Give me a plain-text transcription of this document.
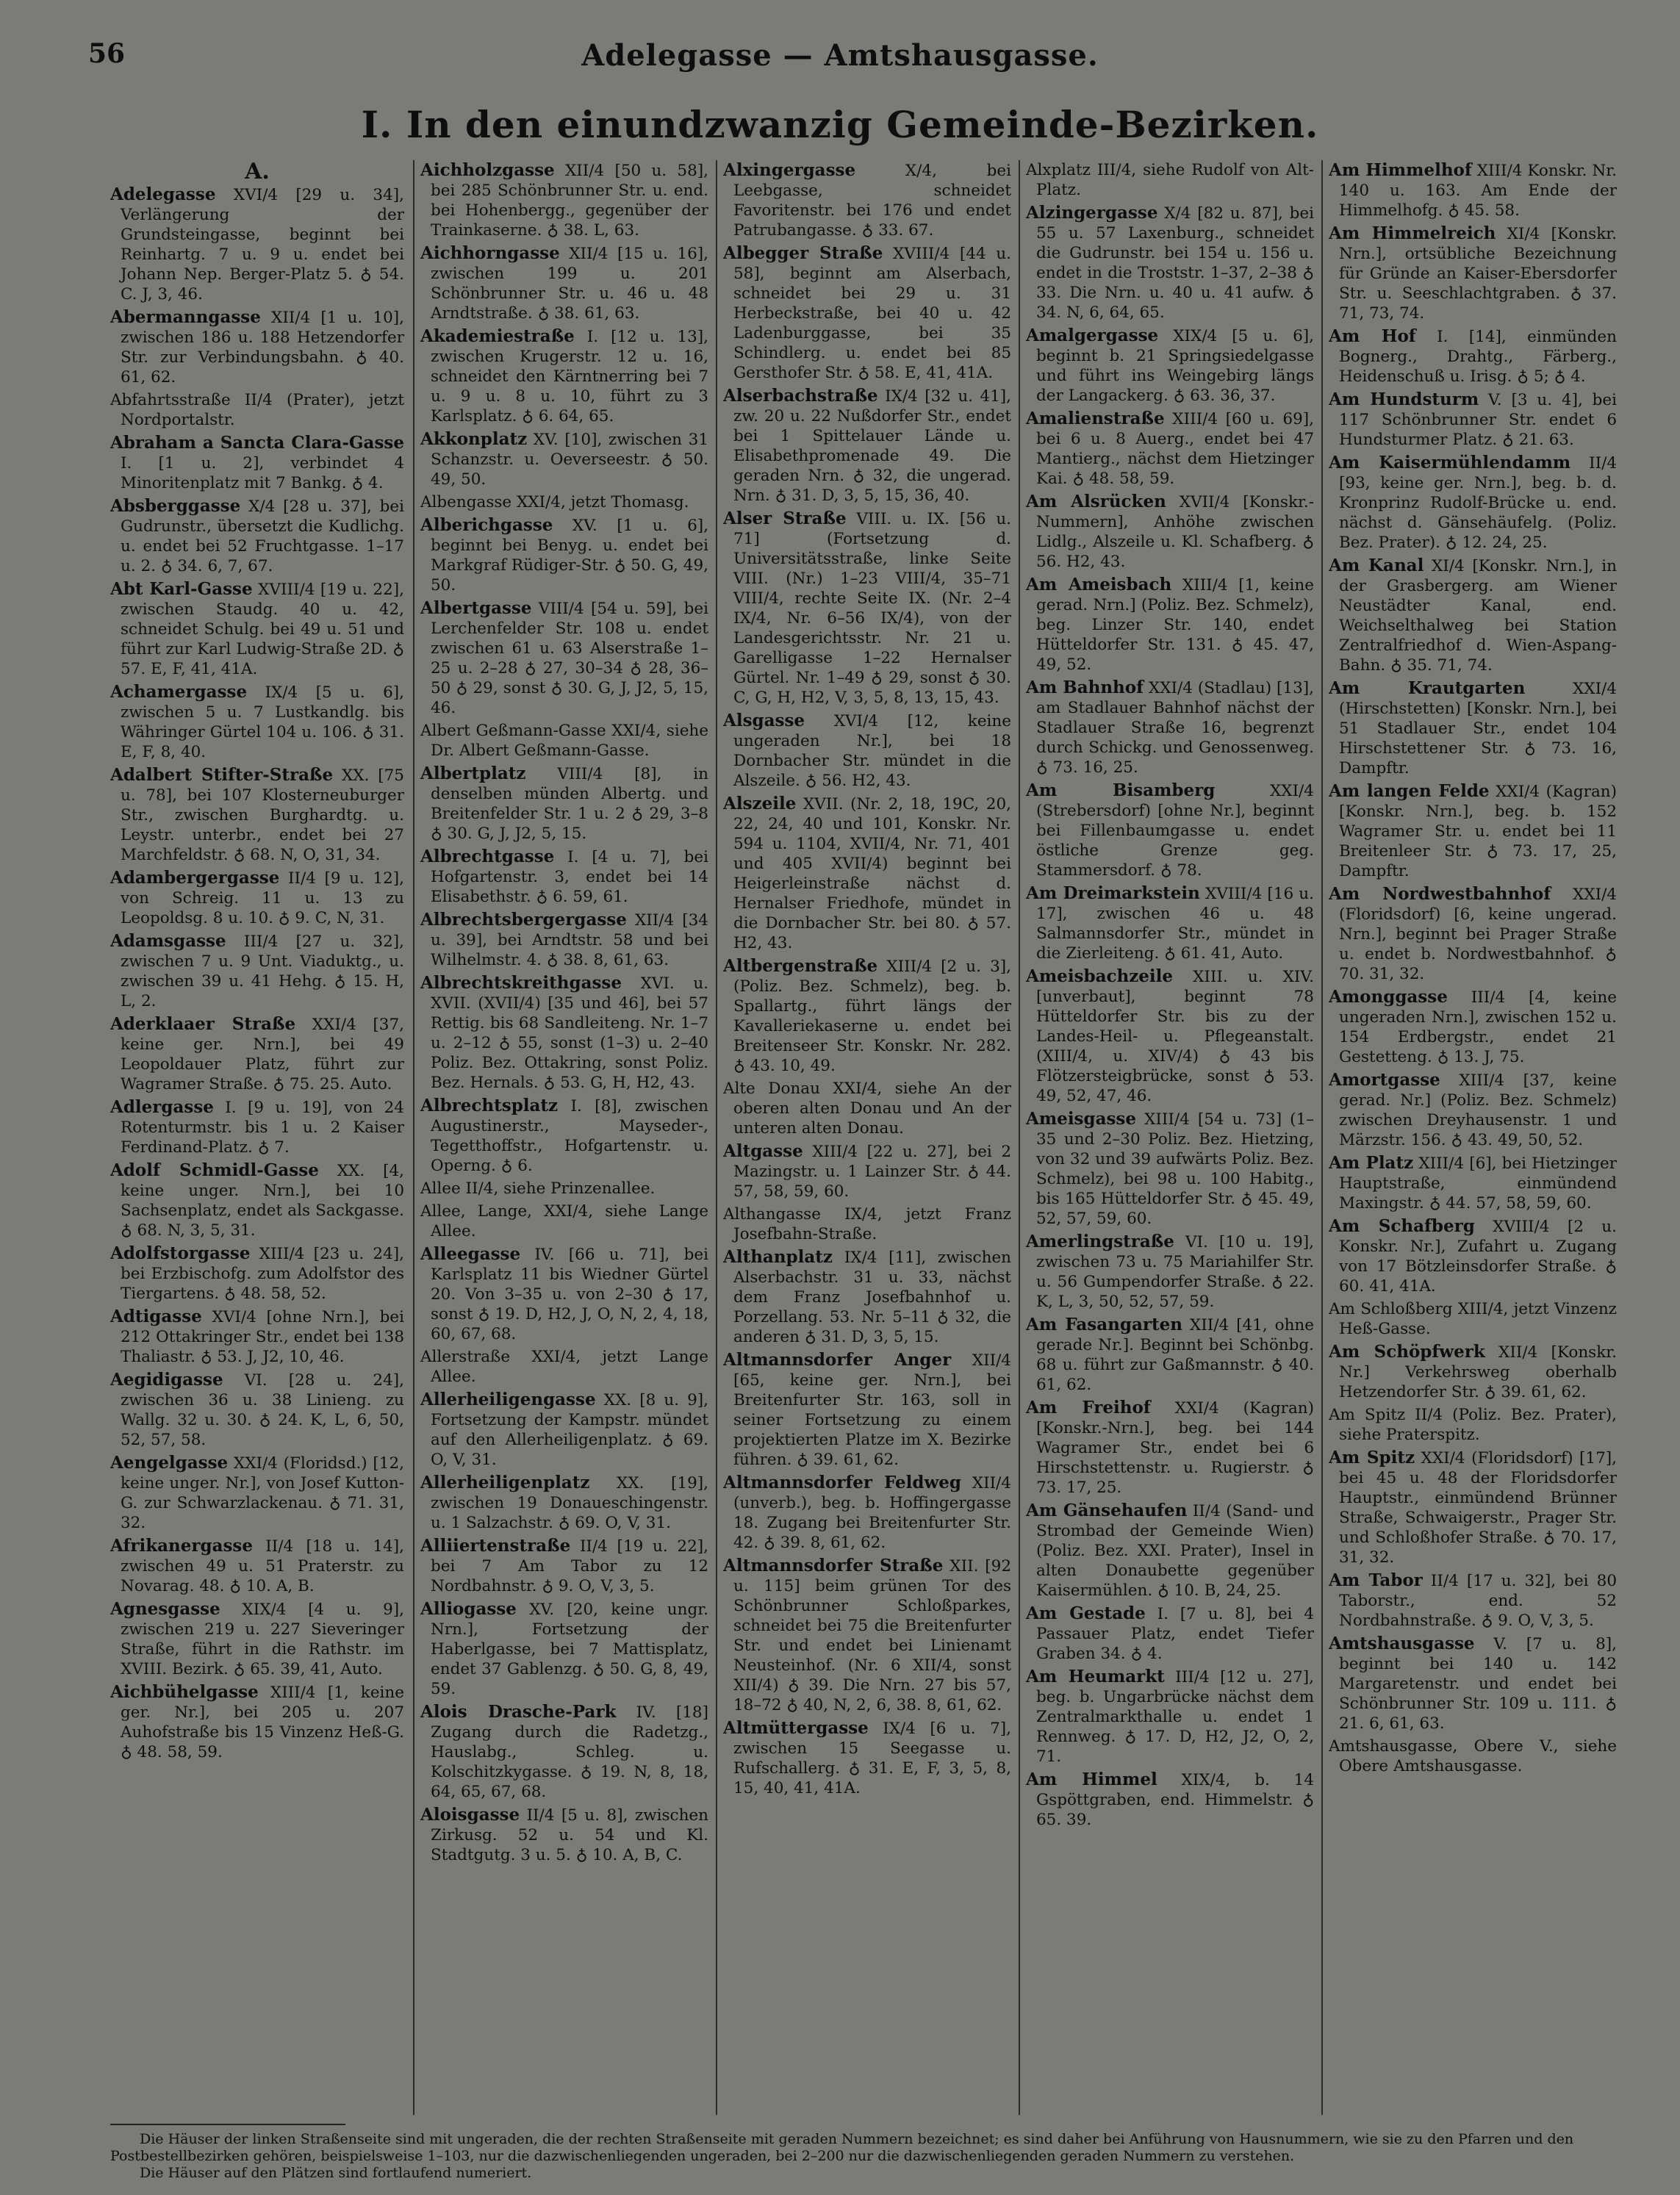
56	Adelegasse — Amtshausgasse.
I. In den einundzwanzig Gemeinde-Bezirken.
A.

Adelegasse XVI/4 [29 u. 34], Verlängerung der Grundsteingasse, beginnt bei Reinhartg. 7 u. 9 u. endet bei Johann Nep. Berger-Platz 5. ♁ 54. C. J, 3, 46.

Abermanngasse XII/4 [1 u. 10], zwischen 186 u. 188 Hetzendorfer Str. zur Verbindungsbahn. ♁ 40. 61, 62.

Abfahrtsstraße II/4 (Prater), jetzt Nordportalstr.

Abraham a Sancta Clara-Gasse I. [1 u. 2], verbindet 4 Minoritenplatz mit 7 Bankg. ♁ 4.

Absberggasse X/4 [28 u. 37], bei Gudrunstr., übersetzt die Kudlichg. u. endet bei 52 Fruchtgasse. 1–17 u. 2. ♁ 34. 6, 7, 67.

Abt Karl-Gasse XVIII/4 [19 u. 22], zwischen Staudg. 40 u. 42, schneidet Schulg. bei 49 u. 51 und führt zur Karl Ludwig-Straße 2D. ♁ 57. E, F, 41, 41A.

Achamergasse IX/4 [5 u. 6], zwischen 5 u. 7 Lustkandlg. bis Währinger Gürtel 104 u. 106. ♁ 31. E, F, 8, 40.

Adalbert Stifter-Straße XX. [75 u. 78], bei 107 Klosterneuburger Str., zwischen Burghardtg. u. Leystr. unterbr., endet bei 27 Marchfeldstr. ♁ 68. N, O, 31, 34.

Adambergergasse II/4 [9 u. 12], von Schreig. 11 u. 13 zu Leopoldsg. 8 u. 10. ♁ 9. C, N, 31.

Adamsgasse III/4 [27 u. 32], zwischen 7 u. 9 Unt. Viaduktg., u. zwischen 39 u. 41 Hehg. ♁ 15. H, L, 2.

Aderklaaer Straße XXI/4 [37, keine ger. Nrn.], bei 49 Leopoldauer Platz, führt zur Wagramer Straße. ♁ 75. 25. Auto.

Adlergasse I. [9 u. 19], von 24 Rotenturmstr. bis 1 u. 2 Kaiser Ferdinand-Platz. ♁ 7.

Adolf Schmidl-Gasse XX. [4, keine unger. Nrn.], bei 10 Sachsenplatz, endet als Sackgasse. ♁ 68. N, 3, 5, 31.

Adolfstorgasse XIII/4 [23 u. 24], bei Erzbischofg. zum Adolfstor des Tiergartens. ♁ 48. 58, 52.

Adtigasse XVI/4 [ohne Nrn.], bei 212 Ottakringer Str., endet bei 138 Thaliastr. ♁ 53. J, J2, 10, 46.

Aegidigasse VI. [28 u. 24], zwischen 36 u. 38 Linieng. zu Wallg. 32 u. 30. ♁ 24. K, L, 6, 50, 52, 57, 58.

Aengelgasse XXI/4 (Floridsd.) [12, keine unger. Nr.], von Josef Kutton-G. zur Schwarzlackenau. ♁ 71. 31, 32.

Afrikanergasse II/4 [18 u. 14], zwischen 49 u. 51 Praterstr. zu Novarag. 48. ♁ 10. A, B.

Agnesgasse XIX/4 [4 u. 9], zwischen 219 u. 227 Sieveringer Straße, führt in die Rathstr. im XVIII. Bezirk. ♁ 65. 39, 41, Auto.

Aichbühelgasse XIII/4 [1, keine ger. Nr.], bei 205 u. 207 Auhofstraße bis 15 Vinzenz Heß-G. ♁ 48. 58, 59.

Aichholzgasse XII/4 [50 u. 58], bei 285 Schönbrunner Str. u. end. bei Hohenbergg., gegenüber der Trainkaserne. ♁ 38. L, 63.

Aichhorngasse XII/4 [15 u. 16], zwischen 199 u. 201 Schönbrunner Str. u. 46 u. 48 Arndtstraße. ♁ 38. 61, 63.

Akademiestraße I. [12 u. 13], zwischen Krugerstr. 12 u. 16, schneidet den Kärntnerring bei 7 u. 9 u. 8 u. 10, führt zu 3 Karlsplatz. ♁ 6. 64, 65.

Akkonplatz XV. [10], zwischen 31 Schanzstr. u. Oeverseestr. ♁ 50. 49, 50.

Albengasse XXI/4, jetzt Thomasg.

Alberichgasse XV. [1 u. 6], beginnt bei Benyg. u. endet bei Markgraf Rüdiger-Str. ♁ 50. G, 49, 50.

Albertgasse VIII/4 [54 u. 59], bei Lerchenfelder Str. 108 u. endet zwischen 61 u. 63 Alserstraße 1–25 u. 2–28 ♁ 27, 30–34 ♁ 28, 36–50 ♁ 29, sonst ♁ 30. G, J, J2, 5, 15, 46.

Albert Geßmann-Gasse XXI/4, siehe Dr. Albert Geßmann-Gasse.

Albertplatz VIII/4 [8], in denselben münden Albertg. und Breitenfelder Str. 1 u. 2 ♁ 29, 3–8 ♁ 30. G, J, J2, 5, 15.

Albrechtgasse I. [4 u. 7], bei Hofgartenstr. 3, endet bei 14 Elisabethstr. ♁ 6. 59, 61.

Albrechtsbergergasse XII/4 [34 u. 39], bei Arndtstr. 58 und bei Wilhelmstr. 4. ♁ 38. 8, 61, 63.

Albrechtskreithgasse XVI. u. XVII. (XVII/4) [35 und 46], bei 57 Rettig. bis 68 Sandleiteng. Nr. 1–7 u. 2–12 ♁ 55, sonst (1–3) u. 2–40 Poliz. Bez. Ottakring, sonst Poliz. Bez. Hernals. ♁ 53. G, H, H2, 43.

Albrechtsplatz I. [8], zwischen Augustinerstr., Mayseder-, Tegetthoffstr., Hofgartenstr. u. Operng. ♁ 6.

Allee II/4, siehe Prinzenallee.

Allee, Lange, XXI/4, siehe Lange Allee.

Alleegasse IV. [66 u. 71], bei Karlsplatz 11 bis Wiedner Gürtel 20. Von 3–35 u. von 2–30 ♁ 17, sonst ♁ 19. D, H2, J, O, N, 2, 4, 18, 60, 67, 68.

Allerstraße XXI/4, jetzt Lange Allee.

Allerheiligengasse XX. [8 u. 9], Fortsetzung der Kampstr. mündet auf den Allerheiligenplatz. ♁ 69. O, V, 31.

Allerheiligenplatz XX. [19], zwischen 19 Donaueschingenstr. u. 1 Salzachstr. ♁ 69. O, V, 31.

Alliiertenstraße II/4 [19 u. 22], bei 7 Am Tabor zu 12 Nordbahnstr. ♁ 9. O, V, 3, 5.

Alliogasse XV. [20, keine ungr. Nrn.], Fortsetzung der Haberlgasse, bei 7 Mattisplatz, endet 37 Gablenzg. ♁ 50. G, 8, 49, 59.

Alois Drasche-Park IV. [18] Zugang durch die Radetzg., Hauslabg., Schleg. u. Kolschitzkygasse. ♁ 19. N, 8, 18, 64, 65, 67, 68.

Aloisgasse II/4 [5 u. 8], zwischen Zirkusg. 52 u. 54 und Kl. Stadtgutg. 3 u. 5. ♁ 10. A, B, C.

Alxingergasse X/4, bei Leebgasse, schneidet Favoritenstr. bei 176 und endet Patrubangasse. ♁ 33. 67.

Albegger Straße XVIII/4 [44 u. 58], beginnt am Alserbach, schneidet bei 29 u. 31 Herbeckstraße, bei 40 u. 42 Ladenburggasse, bei 35 Schindlerg. u. endet bei 85 Gersthofer Str. ♁ 58. E, 41, 41A.

Alserbachstraße IX/4 [32 u. 41], zw. 20 u. 22 Nußdorfer Str., endet bei 1 Spittelauer Lände u. Elisabethpromenade 49. Die geraden Nrn. ♁ 32, die ungerad. Nrn. ♁ 31. D, 3, 5, 15, 36, 40.

Alser Straße VIII. u. IX. [56 u. 71] (Fortsetzung d. Universitätsstraße, linke Seite VIII. (Nr.) 1–23 VIII/4, 35–71 VIII/4, rechte Seite IX. (Nr. 2–4 IX/4, Nr. 6–56 IX/4), von der Landesgerichtsstr. Nr. 21 u. Garelligasse 1–22 Hernalser Gürtel. Nr. 1–49 ♁ 29, sonst ♁ 30. C, G, H, H2, V, 3, 5, 8, 13, 15, 43.

Alsgasse XVI/4 [12, keine ungeraden Nr.], bei 18 Dornbacher Str. mündet in die Alszeile. ♁ 56. H2, 43.

Alszeile XVII. (Nr. 2, 18, 19C, 20, 22, 24, 40 und 101, Konskr. Nr. 594 u. 1104, XVII/4, Nr. 71, 401 und 405 XVII/4) beginnt bei Heigerleinstraße nächst d. Hernalser Friedhofe, mündet in die Dornbacher Str. bei 80. ♁ 57. H2, 43.

Altbergenstraße XIII/4 [2 u. 3], (Poliz. Bez. Schmelz), beg. b. Spallartg., führt längs der Kavalleriekaserne u. endet bei Breitenseer Str. Konskr. Nr. 282. ♁ 43. 10, 49.

Alte Donau XXI/4, siehe An der oberen alten Donau und An der unteren alten Donau.

Altgasse XIII/4 [22 u. 27], bei 2 Mazingstr. u. 1 Lainzer Str. ♁ 44. 57, 58, 59, 60.

Althangasse IX/4, jetzt Franz Josefbahn-Straße.

Althanplatz IX/4 [11], zwischen Alserbachstr. 31 u. 33, nächst dem Franz Josefbahnhof u. Porzellang. 53. Nr. 5–11 ♁ 32, die anderen ♁ 31. D, 3, 5, 15.

Altmannsdorfer Anger XII/4 [65, keine ger. Nrn.], bei Breitenfurter Str. 163, soll in seiner Fortsetzung zu einem projektierten Platze im X. Bezirke führen. ♁ 39. 61, 62.

Altmannsdorfer Feldweg XII/4 (unverb.), beg. b. Hoffingergasse 18. Zugang bei Breitenfurter Str. 42. ♁ 39. 8, 61, 62.

Altmannsdorfer Straße XII. [92 u. 115] beim grünen Tor des Schönbrunner Schloßparkes, schneidet bei 75 die Breitenfurter Str. und endet bei Linienamt Neusteinhof. (Nr. 6 XII/4, sonst XII/4) ♁ 39. Die Nrn. 27 bis 57, 18–72 ♁ 40, N, 2, 6, 38. 8, 61, 62.

Altmüttergasse IX/4 [6 u. 7], zwischen 15 Seegasse u. Rufschallerg. ♁ 31. E, F, 3, 5, 8, 15, 40, 41, 41A.

Alxplatz III/4, siehe Rudolf von Alt-Platz.

Alzingergasse X/4 [82 u. 87], bei 55 u. 57 Laxenburg., schneidet die Gudrunstr. bei 154 u. 156 u. endet in die Troststr. 1–37, 2–38 ♁ 33. Die Nrn. u. 40 u. 41 aufw. ♁ 34. N, 6, 64, 65.

Amalgergasse XIX/4 [5 u. 6], beginnt b. 21 Springsiedelgasse und führt ins Weingebirg längs der Langackerg. ♁ 63. 36, 37.

Amalienstraße XIII/4 [60 u. 69], bei 6 u. 8 Auerg., endet bei 47 Mantierg., nächst dem Hietzinger Kai. ♁ 48. 58, 59.

Am Alsrücken XVII/4 [Konskr.-Nummern], Anhöhe zwischen Lidlg., Alszeile u. Kl. Schafberg. ♁ 56. H2, 43.

Am Ameisbach XIII/4 [1, keine gerad. Nrn.] (Poliz. Bez. Schmelz), beg. Linzer Str. 140, endet Hütteldorfer Str. 131. ♁ 45. 47, 49, 52.

Am Bahnhof XXI/4 (Stadlau) [13], am Stadlauer Bahnhof nächst der Stadlauer Straße 16, begrenzt durch Schickg. und Genossenweg. ♁ 73. 16, 25.

Am Bisamberg XXI/4 (Strebersdorf) [ohne Nr.], beginnt bei Fillenbaumgasse u. endet östliche Grenze geg. Stammersdorf. ♁ 78.

Am Dreimarkstein XVIII/4 [16 u. 17], zwischen 46 u. 48 Salmannsdorfer Str., mündet in die Zierleiteng. ♁ 61. 41, Auto.

Ameisbachzeile XIII. u. XIV. [unverbaut], beginnt 78 Hütteldorfer Str. bis zu der Landes-Heil- u. Pflegeanstalt. (XIII/4, u. XIV/4) ♁ 43 bis Flötzersteigbrücke, sonst ♁ 53. 49, 52, 47, 46.

Ameisgasse XIII/4 [54 u. 73] (1–35 und 2–30 Poliz. Bez. Hietzing, von 32 und 39 aufwärts Poliz. Bez. Schmelz), bei 98 u. 100 Habitg., bis 165 Hütteldorfer Str. ♁ 45. 49, 52, 57, 59, 60.

Amerlingstraße VI. [10 u. 19], zwischen 73 u. 75 Mariahilfer Str. u. 56 Gumpendorfer Straße. ♁ 22. K, L, 3, 50, 52, 57, 59.

Am Fasangarten XII/4 [41, ohne gerade Nr.]. Beginnt bei Schönbg. 68 u. führt zur Gaßmannstr. ♁ 40. 61, 62.

Am Freihof XXI/4 (Kagran) [Konskr.-Nrn.], beg. bei 144 Wagramer Str., endet bei 6 Hirschstettenstr. u. Rugierstr. ♁ 73. 17, 25.

Am Gänsehaufen II/4 (Sand- und Strombad der Gemeinde Wien) (Poliz. Bez. XXI. Prater), Insel in alten Donaubette gegenüber Kaisermühlen. ♁ 10. B, 24, 25.

Am Gestade I. [7 u. 8], bei 4 Passauer Platz, endet Tiefer Graben 34. ♁ 4.

Am Heumarkt III/4 [12 u. 27], beg. b. Ungarbrücke nächst dem Zentralmarkthalle u. endet 1 Rennweg. ♁ 17. D, H2, J2, O, 2, 71.

Am Himmel XIX/4, b. 14 Gspöttgraben, end. Himmelstr. ♁ 65. 39.

Am Himmelhof XIII/4 Konskr. Nr. 140 u. 163. Am Ende der Himmelhofg. ♁ 45. 58.

Am Himmelreich XI/4 [Konskr. Nrn.], ortsübliche Bezeichnung für Gründe an Kaiser-Ebersdorfer Str. u. Seeschlachtgraben. ♁ 37. 71, 73, 74.

Am Hof I. [14], einmünden Bognerg., Drahtg., Färberg., Heidenschuß u. Irisg. ♁ 5; ♁ 4.

Am Hundsturm V. [3 u. 4], bei 117 Schönbrunner Str. endet 6 Hundsturmer Platz. ♁ 21. 63.

Am Kaisermühlendamm II/4 [93, keine ger. Nrn.], beg. b. d. Kronprinz Rudolf-Brücke u. end. nächst d. Gänsehäufelg. (Poliz. Bez. Prater). ♁ 12. 24, 25.

Am Kanal XI/4 [Konskr. Nrn.], in der Grasbergerg. am Wiener Neustädter Kanal, end. Weichselthalweg bei Station Zentralfriedhof d. Wien-Aspang-Bahn. ♁ 35. 71, 74.

Am Krautgarten XXI/4 (Hirschstetten) [Konskr. Nrn.], bei 51 Stadlauer Str., endet 104 Hirschstettener Str. ♁ 73. 16, Dampftr.

Am langen Felde XXI/4 (Kagran) [Konskr. Nrn.], beg. b. 152 Wagramer Str. u. endet bei 11 Breitenleer Str. ♁ 73. 17, 25, Dampftr.

Am Nordwestbahnhof XXI/4 (Floridsdorf) [6, keine ungerad. Nrn.], beginnt bei Prager Straße u. endet b. Nordwestbahnhof. ♁ 70. 31, 32.

Amonggasse III/4 [4, keine ungeraden Nrn.], zwischen 152 u. 154 Erdbergstr., endet 21 Gestetteng. ♁ 13. J, 75.

Amortgasse XIII/4 [37, keine gerad. Nr.] (Poliz. Bez. Schmelz) zwischen Dreyhausenstr. 1 und Märzstr. 156. ♁ 43. 49, 50, 52.

Am Platz XIII/4 [6], bei Hietzinger Hauptstraße, einmündend Maxingstr. ♁ 44. 57, 58, 59, 60.

Am Schafberg XVIII/4 [2 u. Konskr. Nr.], Zufahrt u. Zugang von 17 Bötzleinsdorfer Straße. ♁ 60. 41, 41A.

Am Schloßberg XIII/4, jetzt Vinzenz Heß-Gasse.

Am Schöpfwerk XII/4 [Konskr. Nr.] Verkehrsweg oberhalb Hetzendorfer Str. ♁ 39. 61, 62.

Am Spitz II/4 (Poliz. Bez. Prater), siehe Praterspitz.

Am Spitz XXI/4 (Floridsdorf) [17], bei 45 u. 48 der Floridsdorfer Hauptstr., einmündend Brünner Straße, Schwaigerstr., Prager Str. und Schloßhofer Straße. ♁ 70. 17, 31, 32.

Am Tabor II/4 [17 u. 32], bei 80 Taborstr., end. 52 Nordbahnstraße. ♁ 9. O, V, 3, 5.

Amtshausgasse V. [7 u. 8], beginnt bei 140 u. 142 Margaretenstr. und endet bei Schönbrunner Str. 109 u. 111. ♁ 21. 6, 61, 63.

Amtshausgasse, Obere V., siehe Obere Amtshausgasse.

Die Häuser der linken Straßenseite sind mit ungeraden, die der rechten Straßenseite mit geraden Nummern bezeichnet; es sind daher bei Anführung von Hausnummern, wie sie zu den Pfarren und den Postbestellbezirken gehören, beispielsweise 1–103, nur die dazwischenliegenden ungeraden, bei 2–200 nur die dazwischenliegenden geraden Nummern zu verstehen.

Die Häuser auf den Plätzen sind fortlaufend numeriert.
